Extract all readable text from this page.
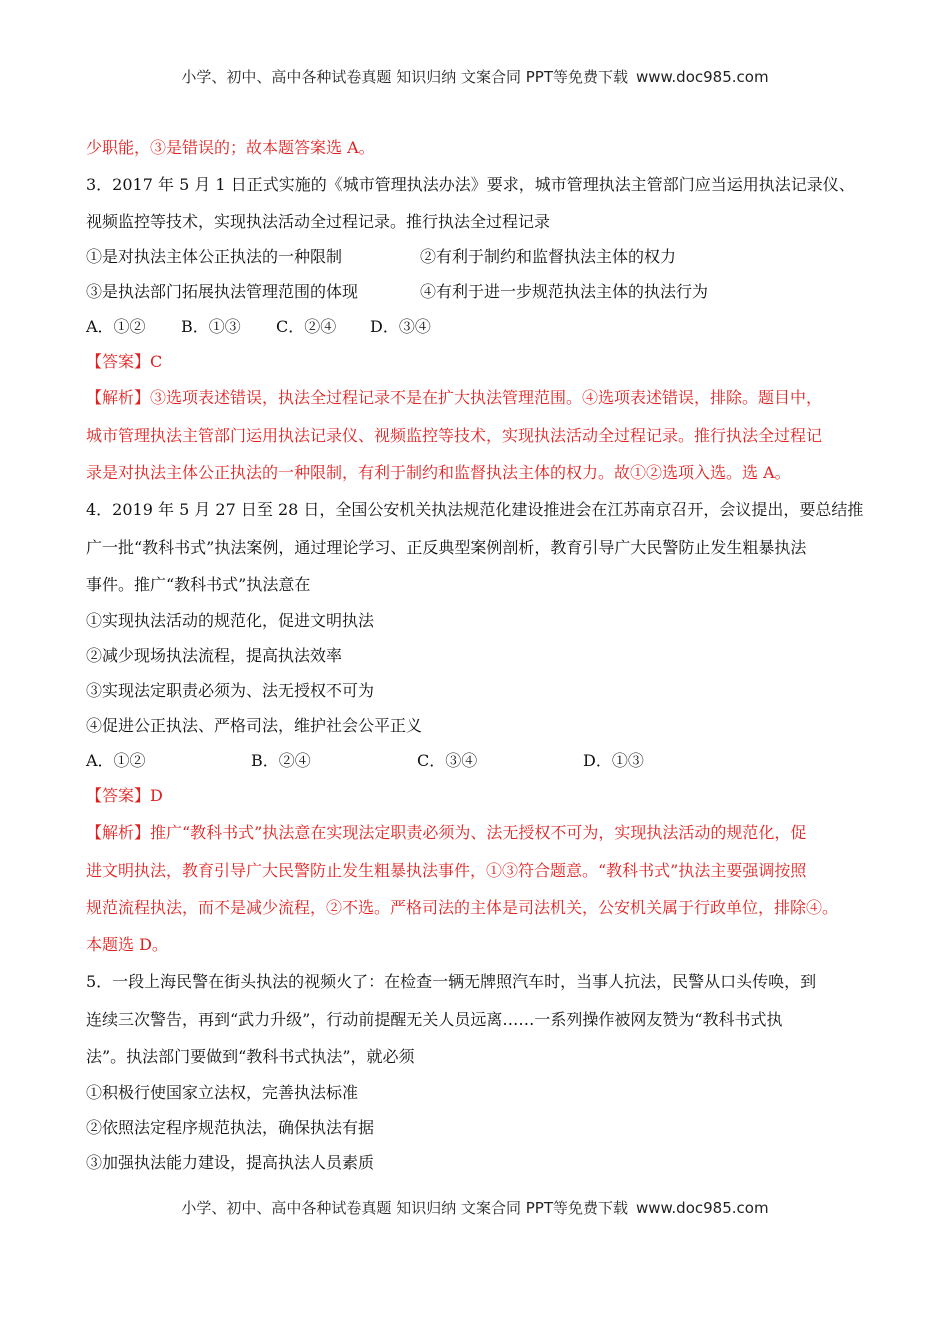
小学、初中、高中各种试卷真题 知识归纳 文案合同 PPT等免费下载 www.doc985.com
少职能，③是错误的；故本题答案选 A。
3．2017 年 5 月 1 日正式实施的《城市管理执法办法》要求，城市管理执法主管部门应当运用执法记录仪、
视频监控等技术，实现执法活动全过程记录。推行执法全过程记录
①是对执法主体公正执法的一种限制	②有利于制约和监督执法主体的权力
③是执法部门拓展执法管理范围的体现	④有利于进一步规范执法主体的执法行为
A．①② B．①③ C．②④ D．③④
【答案】C
【解析】③选项表述错误，执法全过程记录不是在扩大执法管理范围。④选项表述错误，排除。题目中，
城市管理执法主管部门运用执法记录仪、视频监控等技术，实现执法活动全过程记录。推行执法全过程记
录是对执法主体公正执法的一种限制，有利于制约和监督执法主体的权力。故①②选项入选。选 A。
4．2019 年 5 月 27 日至 28 日，全国公安机关执法规范化建设推进会在江苏南京召开，会议提出，要总结推
广一批“教科书式”执法案例，通过理论学习、正反典型案例剖析，教育引导广大民警防止发生粗暴执法
事件。推广“教科书式”执法意在
①实现执法活动的规范化，促进文明执法
②减少现场执法流程，提高执法效率
③实现法定职责必须为、法无授权不可为
④促进公正执法、严格司法，维护社会公平正义
A．①②	B．②④	C．③④	D．①③
【答案】D
【解析】推广“教科书式”执法意在实现法定职责必须为、法无授权不可为，实现执法活动的规范化，促
进文明执法，教育引导广大民警防止发生粗暴执法事件，①③符合题意。“教科书式”执法主要强调按照
规范流程执法，而不是减少流程，②不选。严格司法的主体是司法机关，公安机关属于行政单位，排除④。
本题选 D。
5．一段上海民警在街头执法的视频火了：在检查一辆无牌照汽车时，当事人抗法，民警从口头传唤，到
连续三次警告，再到“武力升级”，行动前提醒无关人员远离……一系列操作被网友赞为“教科书式执
法”。执法部门要做到“教科书式执法”，就必须
①积极行使国家立法权，完善执法标准
②依照法定程序规范执法，确保执法有据
③加强执法能力建设，提高执法人员素质
小学、初中、高中各种试卷真题 知识归纳 文案合同 PPT等免费下载 www.doc985.com
